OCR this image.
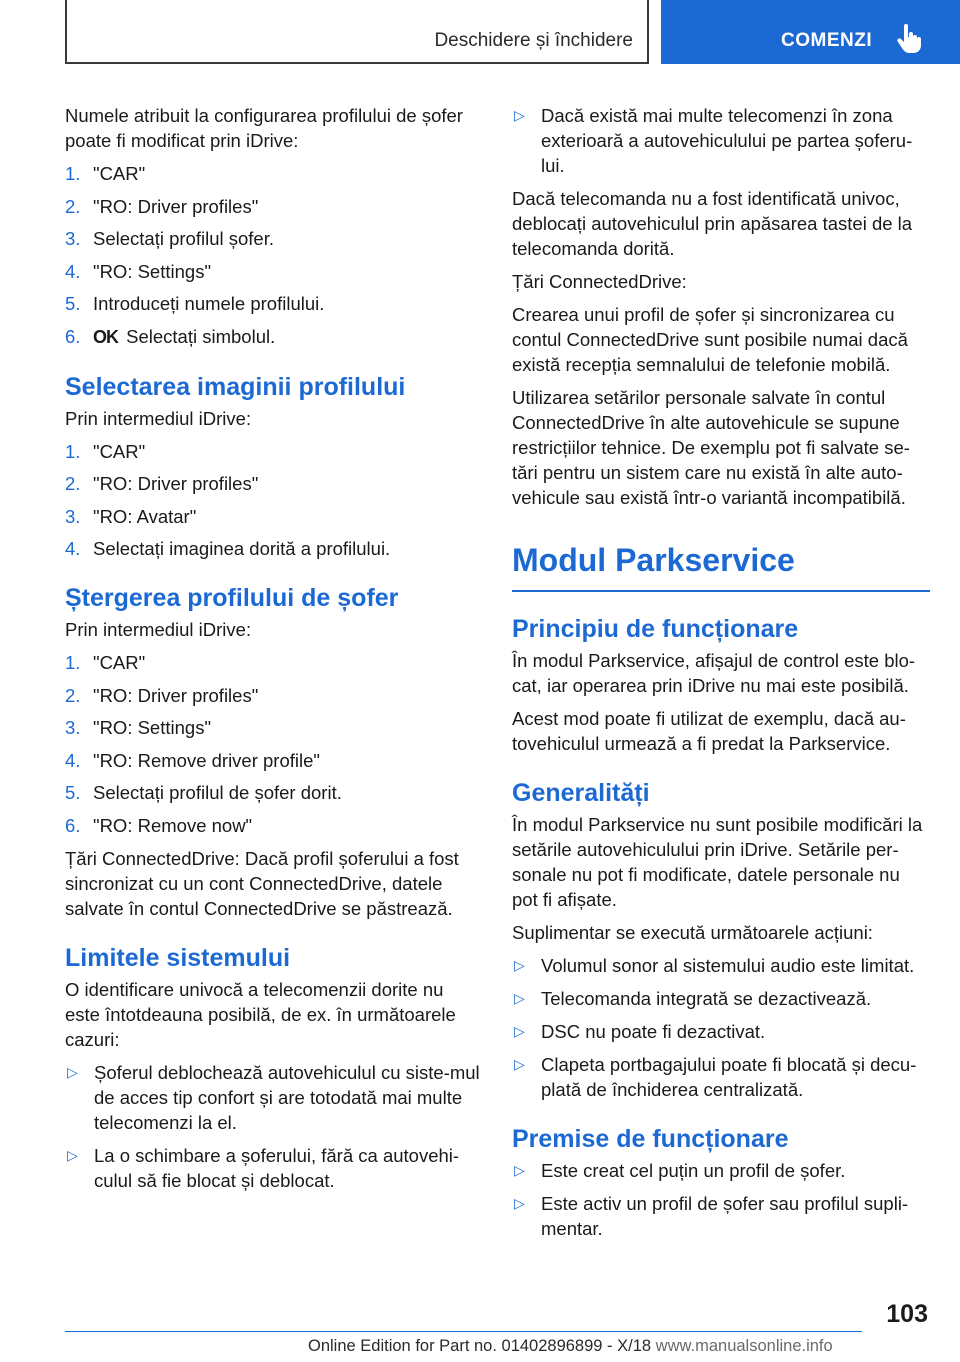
Deschidere și închidere	COMENZI

Numele atribuit la configurarea profilului de șofer poate fi modificat prin iDrive:

1. "CAR"
2. "RO: Driver profiles"
3. Selectați profilul șofer.
4. "RO: Settings"
5. Introduceți numele profilului.
6. OK Selectați simbolul.
Selectarea imaginii profilului

Prin intermediul iDrive:

1. "CAR"
2. "RO: Driver profiles"
3. "RO: Avatar"
4. Selectați imaginea dorită a profilului.
Ștergerea profilului de șofer

Prin intermediul iDrive:

1. "CAR"
2. "RO: Driver profiles"
3. "RO: Settings"
4. "RO: Remove driver profile"
5. Selectați profilul de șofer dorit.
6. "RO: Remove now"

Țări ConnectedDrive: Dacă profil șoferului a fost sincronizat cu un cont ConnectedDrive, datele salvate în contul ConnectedDrive se păstrează.

Limitele sistemului

O identificare univocă a telecomenzii dorite nu este întotdeauna posibilă, de ex. în următoarele cazuri:

▷ Șoferul deblochează autovehiculul cu siste-mul de acces tip confort și are totodată mai multe telecomenzi la el.
▷ La o schimbare a șoferului, fără ca autovehi-culul să fie blocat și deblocat.
▷ Dacă există mai multe telecomenzi în zona exterioară a autovehiculului pe partea șoferu-lui.

Dacă telecomanda nu a fost identificată univoc, deblocați autovehiculul prin apăsarea tastei de la telecomanda dorită.

Țări ConnectedDrive:

Crearea unui profil de șofer și sincronizarea cu contul ConnectedDrive sunt posibile numai dacă există recepția semnalului de telefonie mobilă.

Utilizarea setărilor personale salvate în contul ConnectedDrive în alte autovehicule se supune restricțiilor tehnice. De exemplu pot fi salvate se-tări pentru un sistem care nu există în alte auto-vehicule sau există într-o variantă incompatibilă.

Modul Parkservice
Principiu de funcționare

În modul Parkservice, afișajul de control este blo-cat, iar operarea prin iDrive nu mai este posibilă.

Acest mod poate fi utilizat de exemplu, dacă au-tovehiculul urmează a fi predat la Parkservice.

Generalități

În modul Parkservice nu sunt posibile modificări la setările autovehiculului prin iDrive. Setările per-sonale nu pot fi modificate, datele personale nu pot fi afișate.

Suplimentar se execută următoarele acțiuni:

▷ Volumul sonor al sistemului audio este limitat.
▷ Telecomanda integrată se dezactivează.
▷ DSC nu poate fi dezactivat.
▷ Clapeta portbagajului poate fi blocată și decu-plată de închiderea centralizată.
Premise de funcționare
▷ Este creat cel puțin un profil de șofer.
▷ Este activ un profil de șofer sau profilul supli-mentar.
103
Online Edition for Part no. 01402896899 - X/18 www.manualsonline.info
